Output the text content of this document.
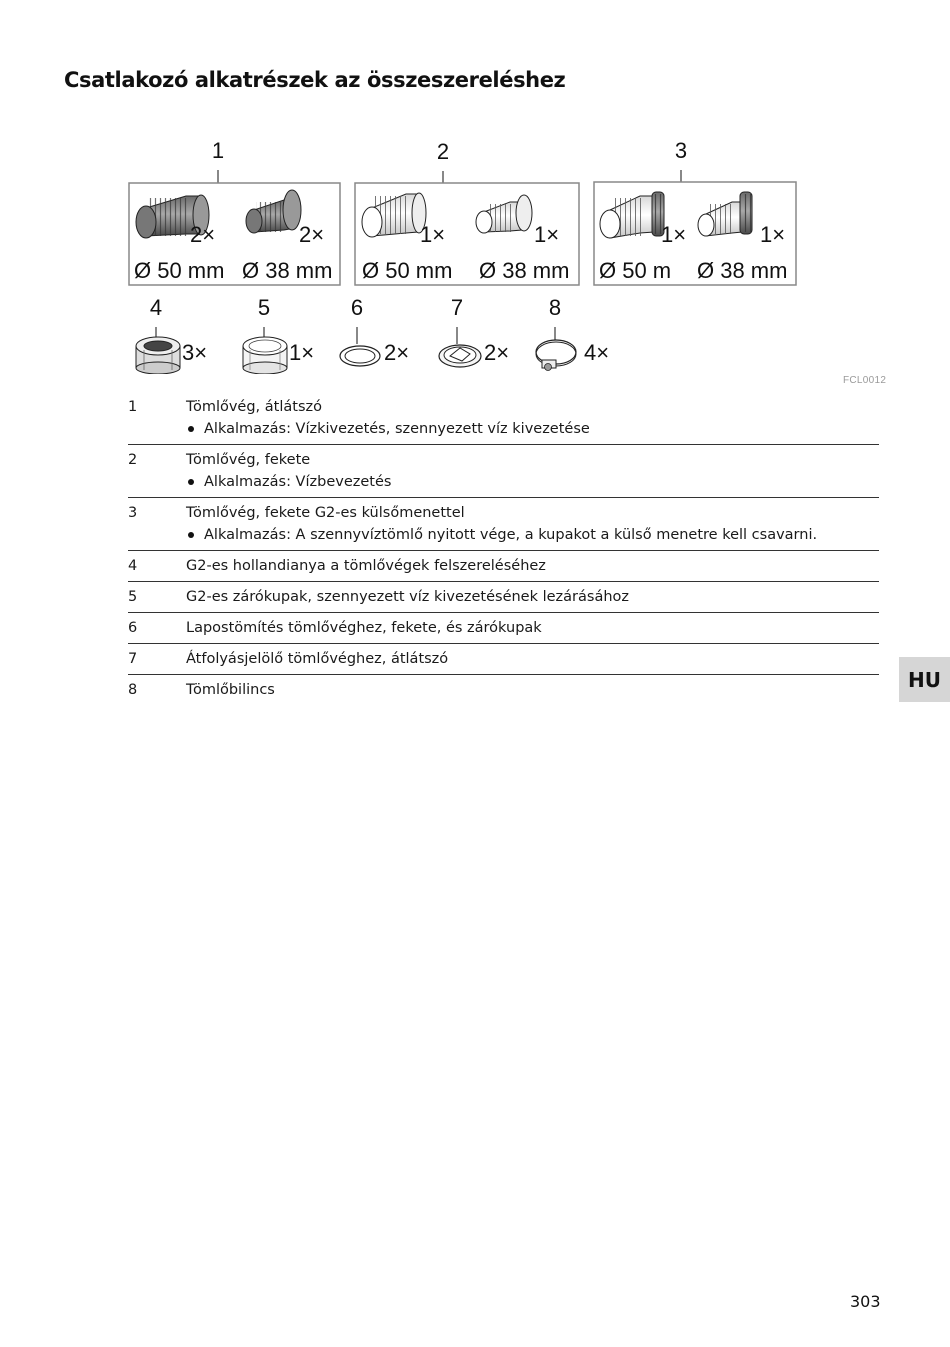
Csatlakozó alkatrészek az összeszereléshez
1
2×	2×
Ø 50 mm Ø 38 mm
2
1×	1×
Ø 50 mm Ø 38 mm
3
1×	1×
Ø 50 m Ø 38 mm
4
3×
5
1×
6
2×
7
2×
8
4×
FCL0012
1	Tömlővég, átlátszó
Alkalmazás: Vízkivezetés, szennyezett víz kivezetése
2	Tömlővég, fekete
Alkalmazás: Vízbevezetés
3	Tömlővég, fekete G2-es külsőmenettel
Alkalmazás: A szennyvíztömlő nyitott vége, a kupakot a külső menetre kell csavarni.
4	G2-es hollandianya a tömlővégek felszereléséhez
5	G2-es zárókupak, szennyezett víz kivezetésének lezárásához
6	Lapostömítés tömlővéghez, fekete, és zárókupak
7	Átfolyásjelölő tömlővéghez, átlátszó
8	Tömlőbilincs	HU
303
